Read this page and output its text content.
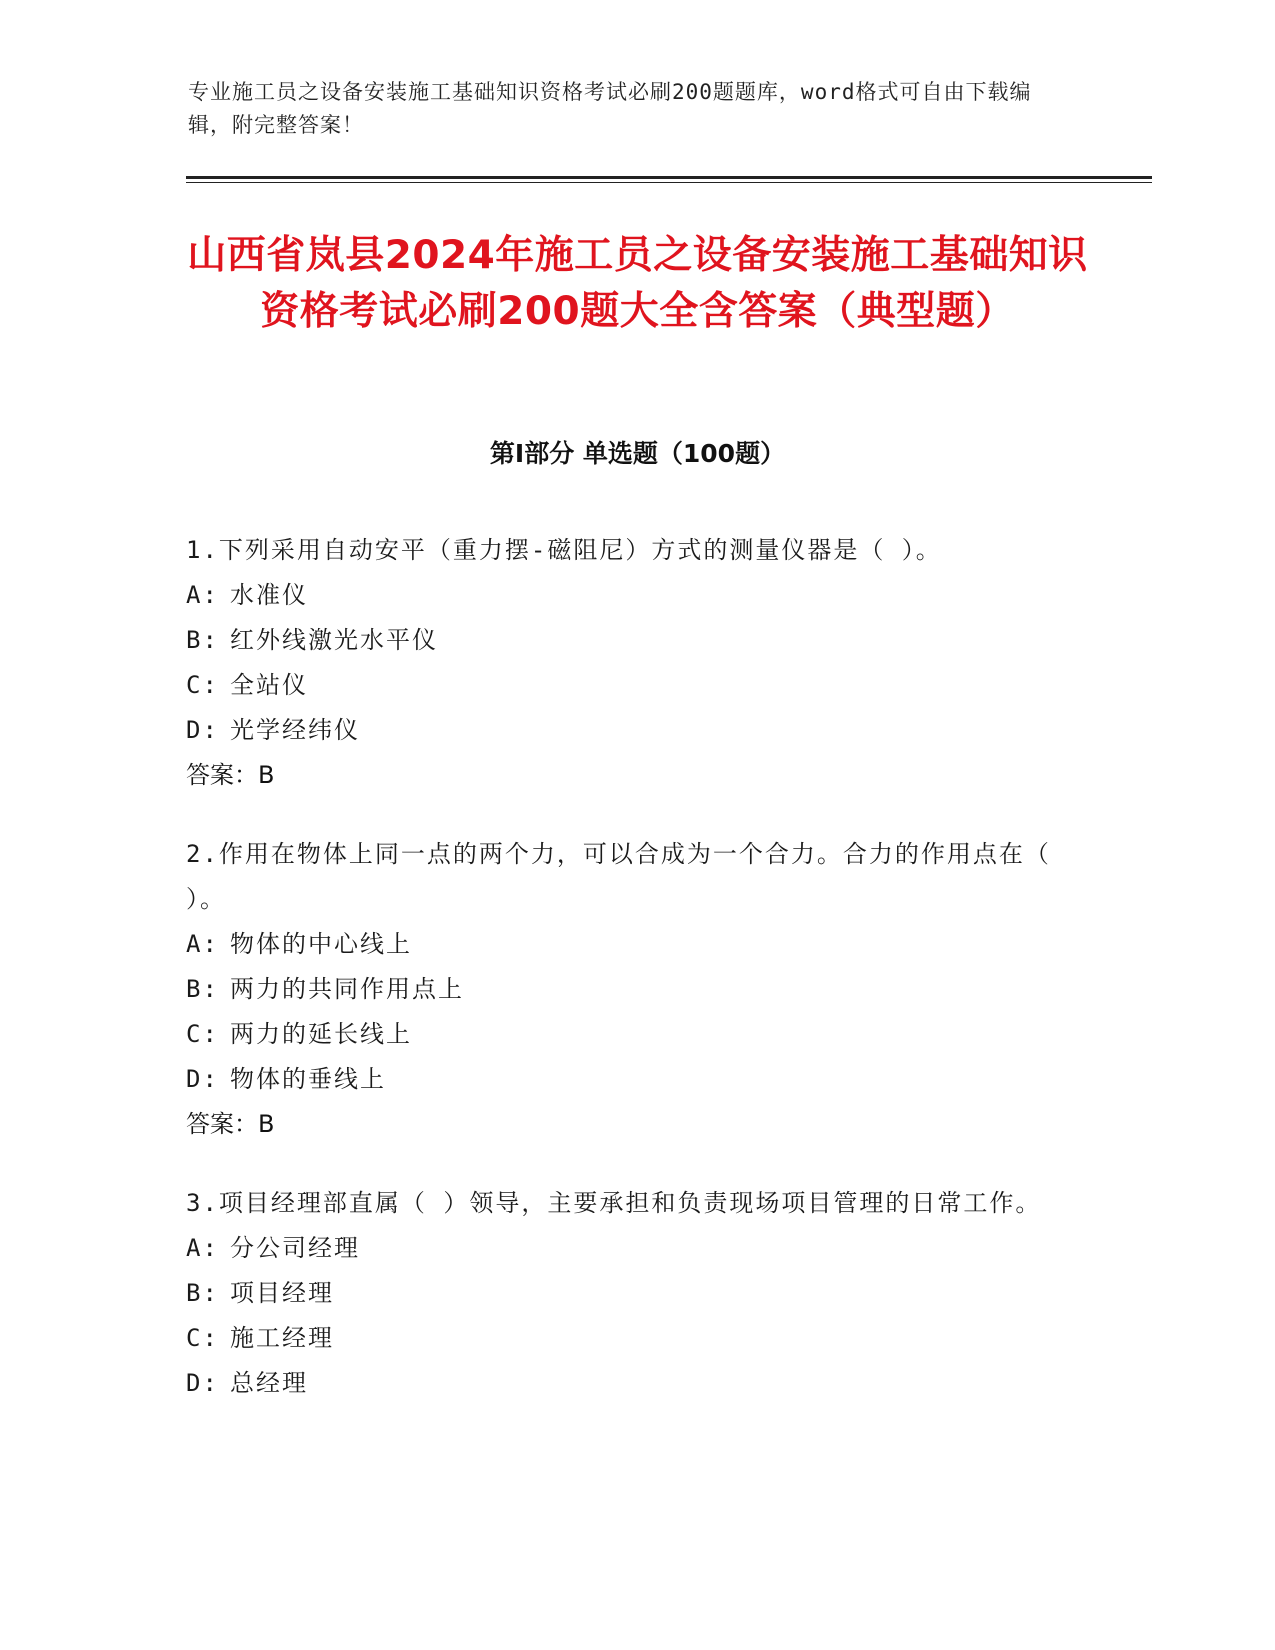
专业施工员之设备安装施工基础知识资格考试必刷200题题库，word格式可自由下载编辑，附完整答案！
山西省岚县2024年施工员之设备安装施工基础知识资格考试必刷200题大全含答案（典型题）
第I部分 单选题（100题）

1.下列采用自动安平（重力摆-磁阻尼）方式的测量仪器是（ ）。

A: 水准仪

B: 红外线激光水平仪

C: 全站仪

D: 光学经纬仪

答案：B

2.作用在物体上同一点的两个力，可以合成为一个合力。合力的作用点在（ ）。

A: 物体的中心线上

B: 两力的共同作用点上

C: 两力的延长线上

D: 物体的垂线上

答案：B

3.项目经理部直属（ ）领导，主要承担和负责现场项目管理的日常工作。

A: 分公司经理

B: 项目经理

C: 施工经理

D: 总经理
